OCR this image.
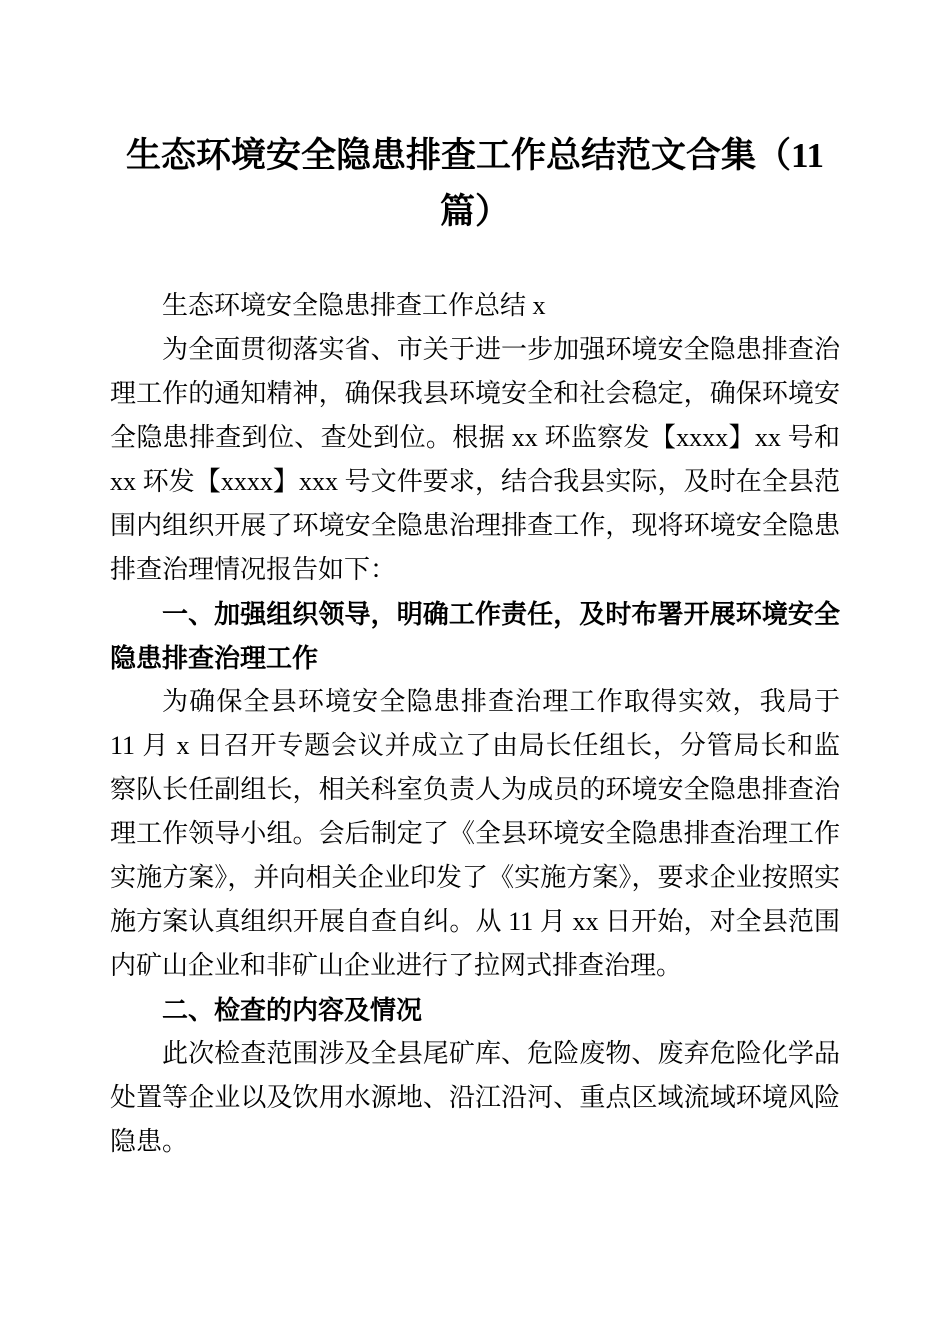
生态环境安全隐患排查工作总结范文合集（11 篇）

生态环境安全隐患排查工作总结 x

为全面贯彻落实省、市关于进一步加强环境安全隐患排查治理工作的通知精神，确保我县环境安全和社会稳定，确保环境安全隐患排查到位、查处到位。根据 xx 环监察发【xxxx】xx 号和 xx 环发【xxxx】xxx 号文件要求，结合我县实际，及时在全县范围内组织开展了环境安全隐患治理排查工作，现将环境安全隐患排查治理情况报告如下：

一、加强组织领导，明确工作责任，及时布署开展环境安全隐患排查治理工作

为确保全县环境安全隐患排查治理工作取得实效，我局于 11 月 x 日召开专题会议并成立了由局长任组长，分管局长和监察队长任副组长，相关科室负责人为成员的环境安全隐患排查治理工作领导小组。会后制定了《全县环境安全隐患排查治理工作实施方案》，并向相关企业印发了《实施方案》，要求企业按照实施方案认真组织开展自查自纠。从 11 月 xx 日开始，对全县范围内矿山企业和非矿山企业进行了拉网式排查治理。

二、检查的内容及情况

此次检查范围涉及全县尾矿库、危险废物、废弃危险化学品处置等企业以及饮用水源地、沿江沿河、重点区域流域环境风险隐患。
